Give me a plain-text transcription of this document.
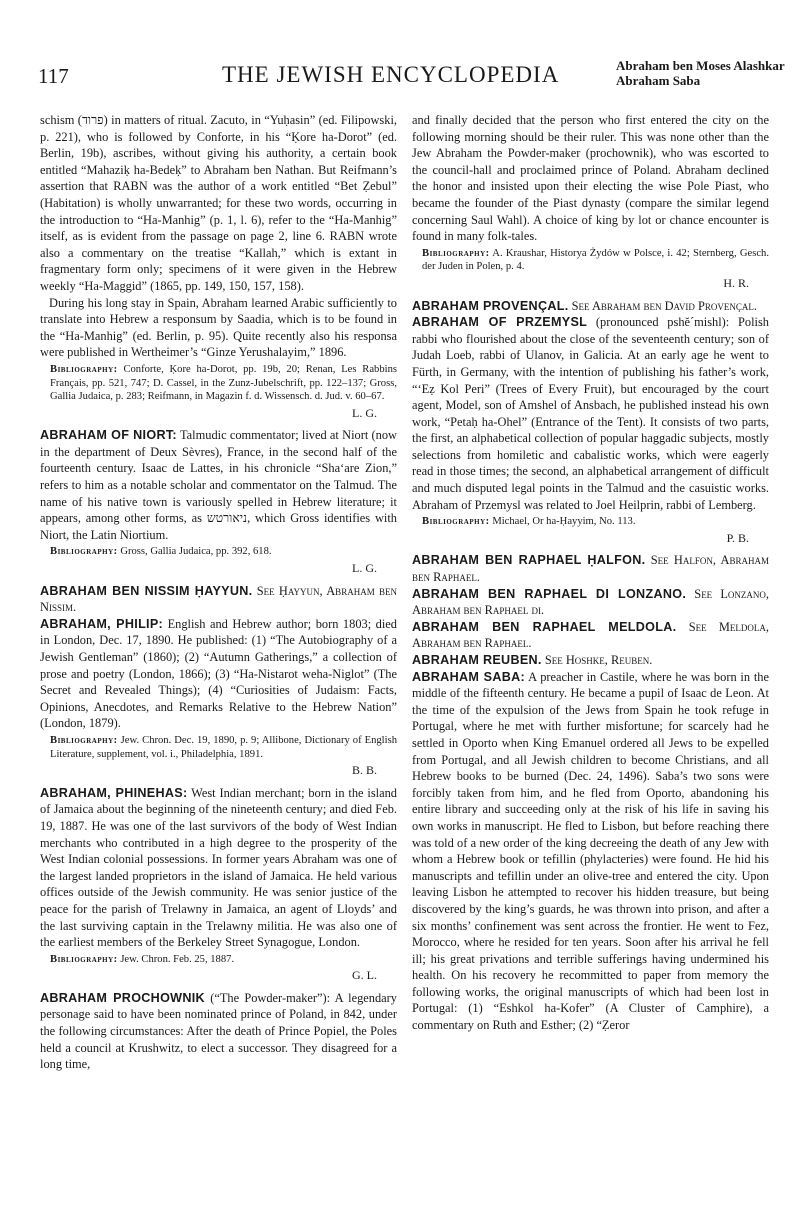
117	THE JEWISH ENCYCLOPEDIA	Abraham ben Moses Alashkar
Abraham Saba

schism (פרוד) in matters of ritual. Zacuto, in “Yuḥasin” (ed. Filipowski, p. 221), who is followed by Conforte, in his “Ḳore ha-Dorot” (ed. Berlin, 19b), ascribes, without giving his authority, a certain book entitled “Mahaziḳ ha-Bedeḳ” to Abraham ben Nathan. But Reifmann’s assertion that RABN was the author of a work entitled “Bet Ẓebul” (Habitation) is wholly unwarranted; for these two words, occurring in the introduction to “Ha-Manhig” (p. 1, l. 6), refer to the “Ha-Manhig” itself, as is evident from the passage on page 2, line 6. RABN wrote also a commentary on the treatise “Kallah,” which is extant in fragmentary form only; specimens of it were given in the Hebrew weekly “Ha-Maggid” (1865, pp. 149, 150, 157, 158).

During his long stay in Spain, Abraham learned Arabic sufficiently to translate into Hebrew a responsum by Saadia, which is to be found in the “Ha-Manhig” (ed. Berlin, p. 95). Quite recently also his responsa were published in Wertheimer’s “Ginze Yerushalayim,” 1896.

Bibliography: Conforte, Ḳore ha-Dorot, pp. 19b, 20; Renan, Les Rabbins Français, pp. 521, 747; D. Cassel, in the Zunz-Jubelschrift, pp. 122–137; Gross, Gallia Judaica, p. 283; Reifmann, in Magazin f. d. Wissensch. d. Jud. v. 60–67.

L. G.

ABRAHAM OF NIORT: Talmudic commentator; lived at Niort (now in the department of Deux Sèvres), France, in the second half of the fourteenth century. Isaac de Lattes, in his chronicle “Sha‘are Zion,” refers to him as a notable scholar and commentator on the Talmud. The name of his native town is variously spelled in Hebrew literature; it appears, among other forms, as ניאורטש, which Gross identifies with Niort, the Latin Niortium.

Bibliography: Gross, Gallia Judaica, pp. 392, 618.

L. G.

ABRAHAM BEN NISSIM ḤAYYUN. See Ḥayyun, Abraham ben Nissim.

ABRAHAM, PHILIP: English and Hebrew author; born 1803; died in London, Dec. 17, 1890. He published: (1) “The Autobiography of a Jewish Gentleman” (1860); (2) “Autumn Gatherings,” a collection of prose and poetry (London, 1866); (3) “Ha-Nistarot weha-Niglot” (The Secret and Revealed Things); (4) “Curiosities of Judaism: Facts, Opinions, Anecdotes, and Remarks Relative to the Hebrew Nation” (London, 1879).

Bibliography: Jew. Chron. Dec. 19, 1890, p. 9; Allibone, Dictionary of English Literature, supplement, vol. i., Philadelphia, 1891.

B. B.

ABRAHAM, PHINEHAS: West Indian merchant; born in the island of Jamaica about the beginning of the nineteenth century; and died Feb. 19, 1887. He was one of the last survivors of the body of West Indian merchants who contributed in a high degree to the prosperity of the West Indian colonial possessions. In former years Abraham was one of the largest landed proprietors in the island of Jamaica. He held various offices outside of the Jewish community. He was senior justice of the peace for the parish of Trelawny in Jamaica, an agent of Lloyds’ and the last surviving captain in the Trelawny militia. He was also one of the earliest members of the Berkeley Street Synagogue, London.

Bibliography: Jew. Chron. Feb. 25, 1887.

G. L.

ABRAHAM PROCHOWNIK (“The Powder-maker”): A legendary personage said to have been nominated prince of Poland, in 842, under the following circumstances: After the death of Prince Popiel, the Poles held a council at Krushwitz, to elect a successor. They disagreed for a long time,

and finally decided that the person who first entered the city on the following morning should be their ruler. This was none other than the Jew Abraham the Powder-maker (prochownik), who was escorted to the council-hall and proclaimed prince of Poland. Abraham declined the honor and insisted upon their electing the wise Pole Piast, who became the founder of the Piast dynasty (compare the similar legend concerning Saul Wahl). A choice of king by lot or chance encounter is found in many folk-tales.

Bibliography: A. Kraushar, Historya Żydów w Polsce, i. 42; Sternberg, Gesch. der Juden in Polen, p. 4.

H. R.

ABRAHAM PROVENÇAL. See Abraham ben David Provençal.

ABRAHAM OF PRZEMYSL (pronounced pshĕ´mishl): Polish rabbi who flourished about the close of the seventeenth century; son of Judah Loeb, rabbi of Ulanov, in Galicia. At an early age he went to Fürth, in Germany, with the intention of publishing his father’s work, “‘Eẓ Kol Peri” (Trees of Every Fruit), but encouraged by the court agent, Model, son of Amshel of Ansbach, he published instead his own work, “Petaḥ ha-Ohel” (Entrance of the Tent). It consists of two parts, the first, an alphabetical collection of popular haggadic subjects, mostly selections from homiletic and cabalistic works, which were eagerly read in those times; the second, an alphabetical arrangement of difficult and much disputed legal points in the Talmud and the casuistic works. Abraham of Przemysl was related to Joel Heilprin, rabbi of Lemberg.

Bibliography: Michael, Or ha-Ḥayyim, No. 113.

P. B.

ABRAHAM BEN RAPHAEL ḤALFON. See Halfon, Abraham ben Raphael.

ABRAHAM BEN RAPHAEL DI LONZANO. See Lonzano, Abraham ben Raphael di.

ABRAHAM BEN RAPHAEL MELDOLA. See Meldola, Abraham ben Raphael.

ABRAHAM REUBEN. See Hoshke, Reuben.

ABRAHAM SABA: A preacher in Castile, where he was born in the middle of the fifteenth century. He became a pupil of Isaac de Leon. At the time of the expulsion of the Jews from Spain he took refuge in Portugal, where he met with further misfortune; for scarcely had he settled in Oporto when King Emanuel ordered all Jews to be expelled from Portugal, and all Jewish children to become Christians, and all Hebrew books to be burned (Dec. 24, 1496). Saba’s two sons were forcibly taken from him, and he fled from Oporto, abandoning his entire library and succeeding only at the risk of his life in saving his own works in manuscript. He fled to Lisbon, but before reaching there was told of a new order of the king decreeing the death of any Jew with whom a Hebrew book or tefillin (phylacteries) were found. He hid his manuscripts and tefillin under an olive-tree and entered the city. Upon leaving Lisbon he attempted to recover his hidden treasure, but being discovered by the king’s guards, he was thrown into prison, and after a six months’ confinement was sent across the frontier. He went to Fez, Morocco, where he resided for ten years. Soon after his arrival he fell ill; his great privations and terrible sufferings having undermined his health. On his recovery he recommitted to paper from memory the following works, the original manuscripts of which had been lost in Portugal: (1) “Eshkol ha-Kofer” (A Cluster of Camphire), a commentary on Ruth and Esther; (2) “Ẓeror
